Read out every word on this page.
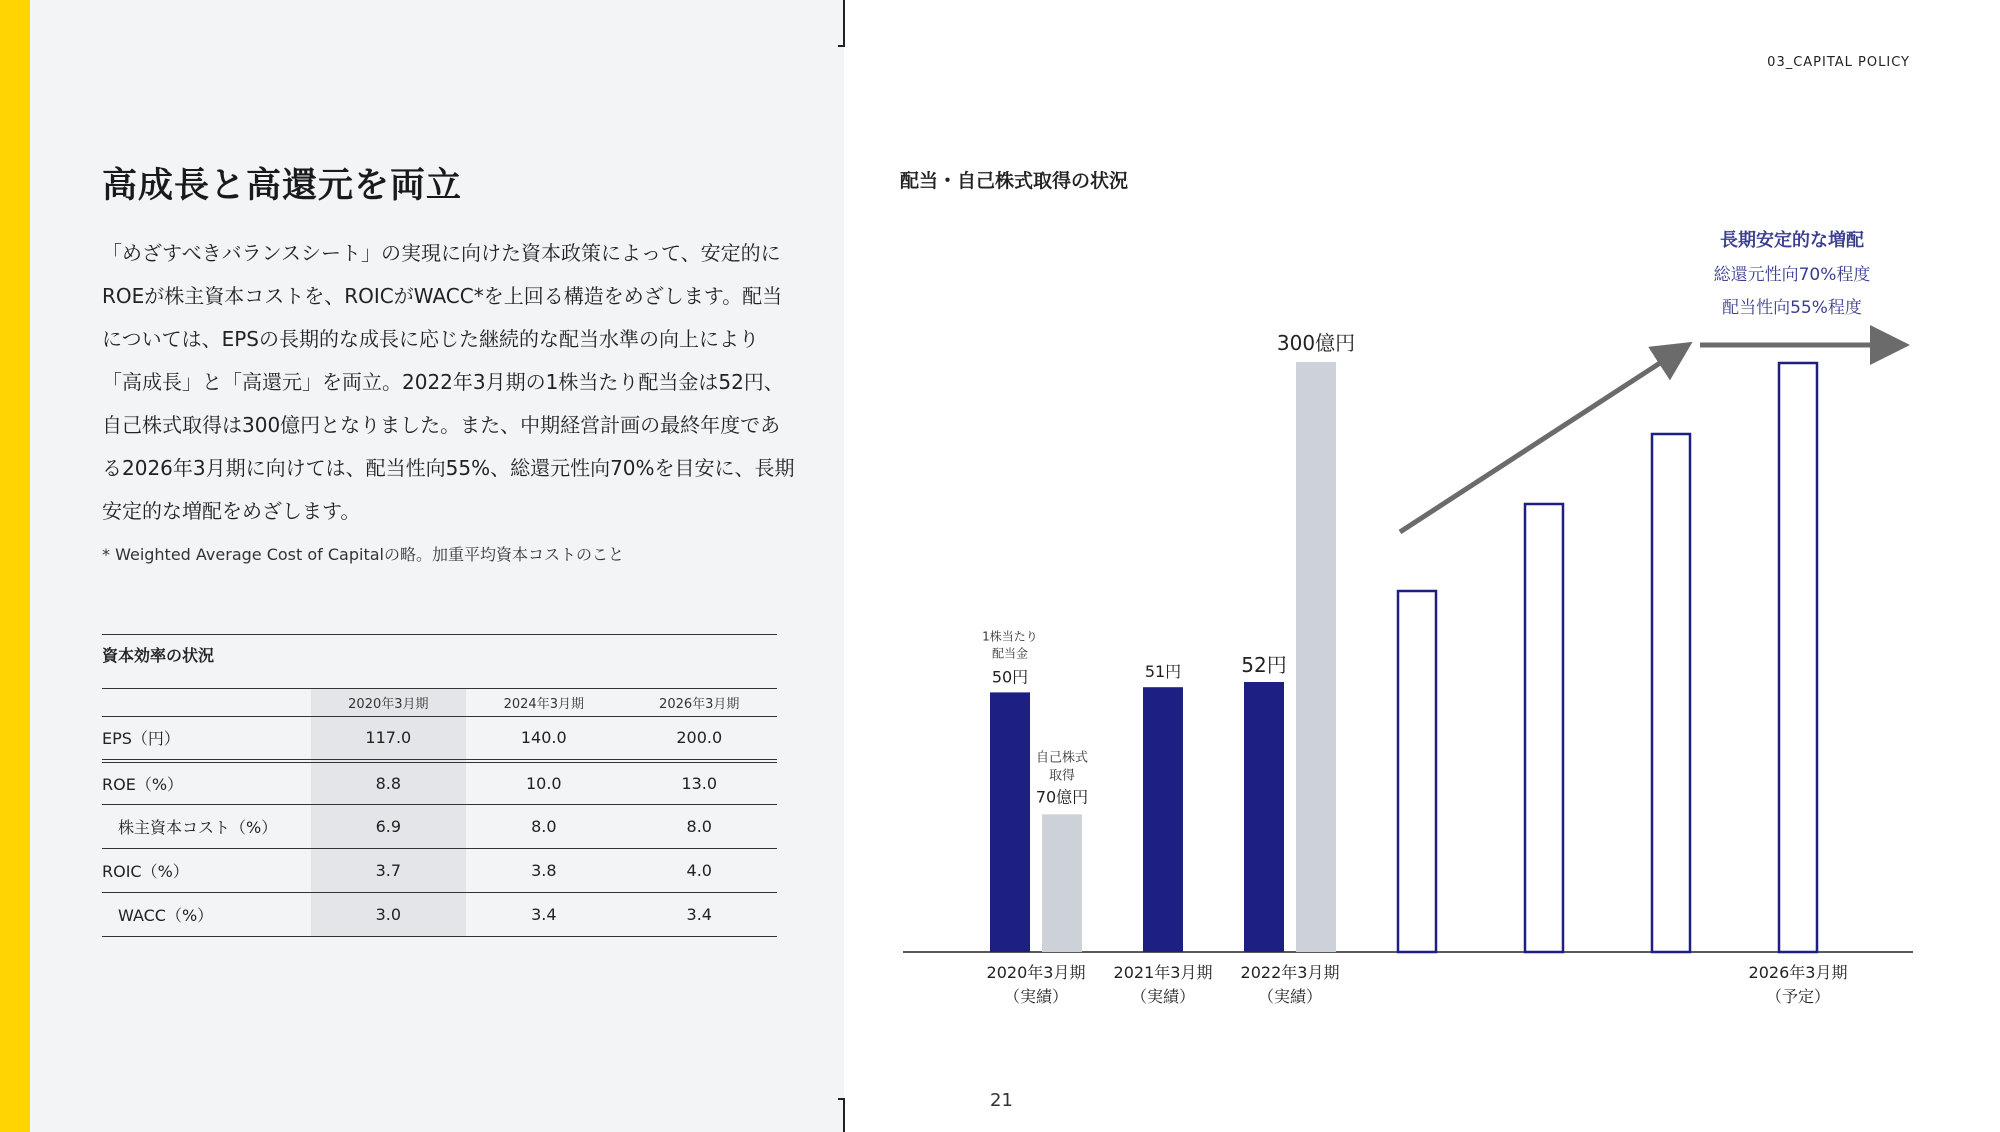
03_CAPITAL POLICY
高成長と高還元を両立
「めざすべきバランスシート」の実現に向けた資本政策によって、安定的に
ROEが株主資本コストを、ROICがWACC*を上回る構造をめざします。配当
については、EPSの長期的な成長に応じた継続的な配当水準の向上により
「高成長」と「高還元」を両立。2022年3月期の1株当たり配当金は52円、
自己株式取得は300億円となりました。また、中期経営計画の最終年度であ
る2026年3月期に向けては、配当性向55%、総還元性向70%を目安に、長期
安定的な増配をめざします。
* Weighted Average Cost of Capitalの略。加重平均資本コストのこと
資本効率の状況
	2020年3月期	2024年3月期	2026年3月期
EPS（円）	117.0	140.0	200.0
ROE（%）	8.8	10.0	13.0
株主資本コスト（%）	6.9	8.0	8.0
ROIC（%）	3.7	3.8	4.0
WACC（%）	3.0	3.4	3.4
配当・自己株式取得の状況
50円	51円	52円
1株当たり
配当金
70億円
300億円
自己株式
取得
長期安定的な増配
総還元性向70%程度
配当性向55%程度
2020年3月期
（実績）
2021年3月期
（実績）
2022年3月期
（実績）
2026年3月期
（予定）
21
